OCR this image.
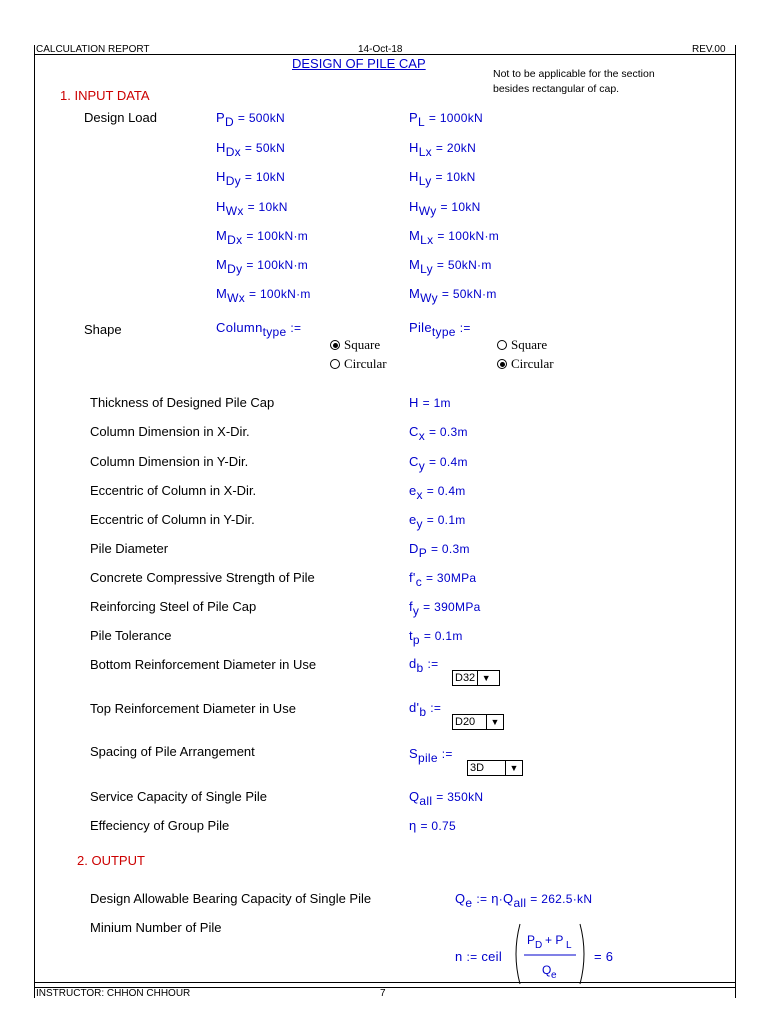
CALCULATION REPORT	14-Oct-18	REV.00
DESIGN OF PILE CAP
Not to be applicable for the section
besides rectangular of cap.
1. INPUT DATA
Design Load	$P_D = 500kN$	$P_L = 1000kN$
$H_{Dx} = 50kN$	$H_{Lx} = 20kN$
$H_{Dy} = 10kN$	$H_{Ly} = 10kN$
$H_{Wx} = 10kN$	$H_{Wy} = 10kN$
$M_{Dx} = 100kN\cdot m$	$M_{Lx} = 100kN\cdot m$
$M_{Dy} = 100kN\cdot m$	$M_{Ly} = 50kN\cdot m$
$M_{Wx} = 100kN\cdot m$	$M_{Wy} = 50kN\cdot m$
Shape	Column$_{type}$ :=	Pile$_{type}$ :=
Square
Circular
Square
Circular
Thickness of Designed Pile Cap	H = 1m
Column Dimension in X-Dir.	$C_x = 0.3m$
Column Dimension in Y-Dir.	$C_y = 0.4m$
Eccentric of Column in X-Dir.	$e_x = 0.4m$
Eccentric of Column in Y-Dir.	$e_y = 0.1m$
Pile Diameter	$D_P = 0.3m$
Concrete Compressive Strength of Pile	$f'_c = 30MPa$
Reinforcing Steel of Pile Cap	$f_y = 390MPa$
Pile Tolerance	$t_p = 0.1m$
Bottom Reinforcement Diameter in Use	$d_b$ :=
D32 ▼
Top Reinforcement Diameter in Use	$d'_b$ :=
D20	▼
Spacing of Pile Arrangement	$S_{pile}$ :=
3D	▼
Service Capacity of Single Pile	$Q_{all} = 350kN$
Effeciency of Group Pile	η = 0.75
2. OUTPUT
Design Allowable Bearing Capacity of Single Pile	$Q_e$ := $\eta\cdot Q_{all} = 262.5\cdot kN$
Minium Number of Pile
n := ceil
P D + P L
Q e
= 6
INSTRUCTOR: CHHON CHHOUR	7
